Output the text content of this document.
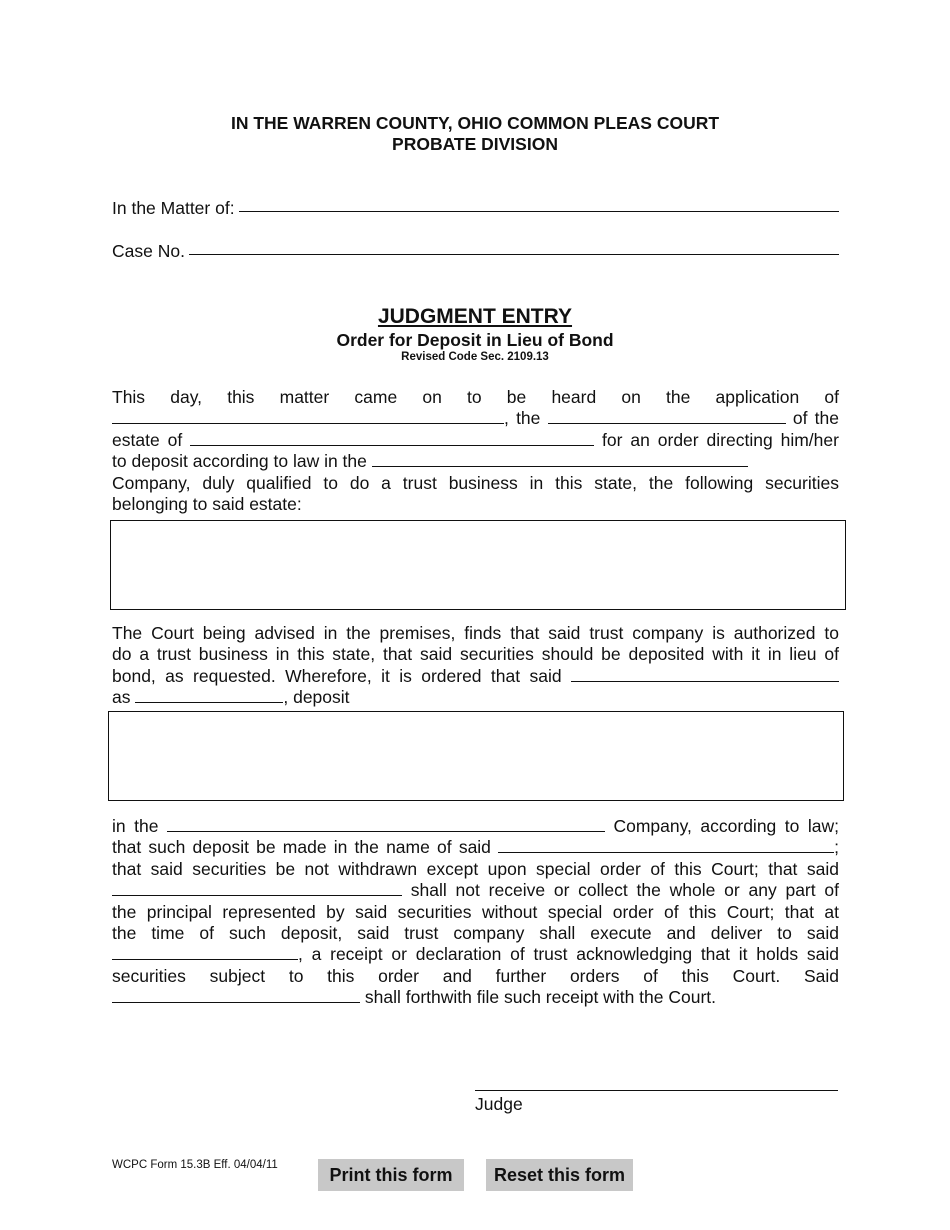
IN THE WARREN COUNTY, OHIO COMMON PLEAS COURT
PROBATE DIVISION
In the Matter of:
Case No.
JUDGMENT ENTRY
Order for Deposit in Lieu of Bond
Revised Code Sec. 2109.13
This day, this matter came on to be heard on the application of
, the	of the
estate of	for an order directing him/her
to deposit according to law in the
Company, duly qualified to do a trust business in this state, the following securities
belonging to said estate:
The Court being advised in the premises, finds that said trust company is authorized to
do a trust business in this state, that said securities should be deposited with it in lieu of
bond, as requested. Wherefore, it is ordered that said
as	, deposit
in the	Company, according to law;
that such deposit be made in the name of said	;
that said securities be not withdrawn except upon special order of this Court; that said
shall not receive or collect the whole or any part of
the principal represented by said securities without special order of this Court; that at
the time of such deposit, said trust company shall execute and deliver to said
, a receipt or declaration of trust acknowledging that it holds said
securities subject to this order and further orders of this Court. Said
shall forthwith file such receipt with the Court.
Judge
WCPC Form 15.3B Eff. 04/04/11	Print this form	Reset this form
